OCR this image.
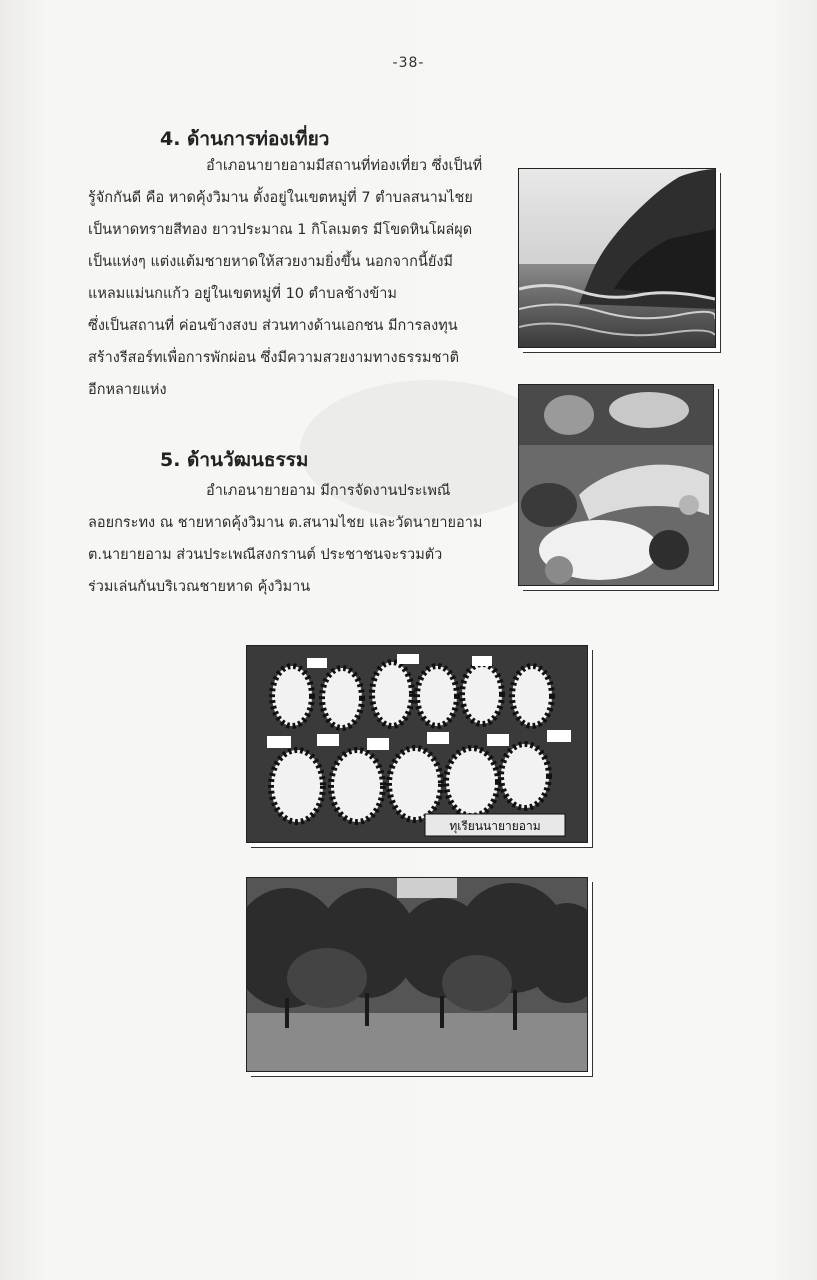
-38-
4. ด้านการท่องเที่ยว

อำเภอนายายอามมีสถานที่ท่องเที่ยว ซึ่งเป็นที่
รู้จักกันดี คือ หาดคุ้งวิมาน ตั้งอยู่ในเขตหมู่ที่ 7 ตำบลสนามไชย
เป็นหาดทรายสีทอง ยาวประมาณ 1 กิโลเมตร มีโขดหินโผล่ผุด
เป็นแห่งๆ แต่งแต้มชายหาดให้สวยงามยิ่งขึ้น นอกจากนี้ยังมี
แหลมแม่นกแก้ว อยู่ในเขตหมู่ที่ 10 ตำบลช้างข้าม
ซึ่งเป็นสถานที่ ค่อนข้างสงบ ส่วนทางด้านเอกชน มีการลงทุน
สร้างรีสอร์ทเพื่อการพักผ่อน ซึ่งมีความสวยงามทางธรรมชาติ
อีกหลายแห่ง

5. ด้านวัฒนธรรม

อำเภอนายายอาม มีการจัดงานประเพณี
ลอยกระทง ณ ชายหาดคุ้งวิมาน ต.สนามไชย และวัดนายายอาม
ต.นายายอาม ส่วนประเพณีสงกรานต์ ประชาชนจะรวมตัว
ร่วมเล่นกันบริเวณชายหาด คุ้งวิมาน

ทุเรียนนายายอาม
